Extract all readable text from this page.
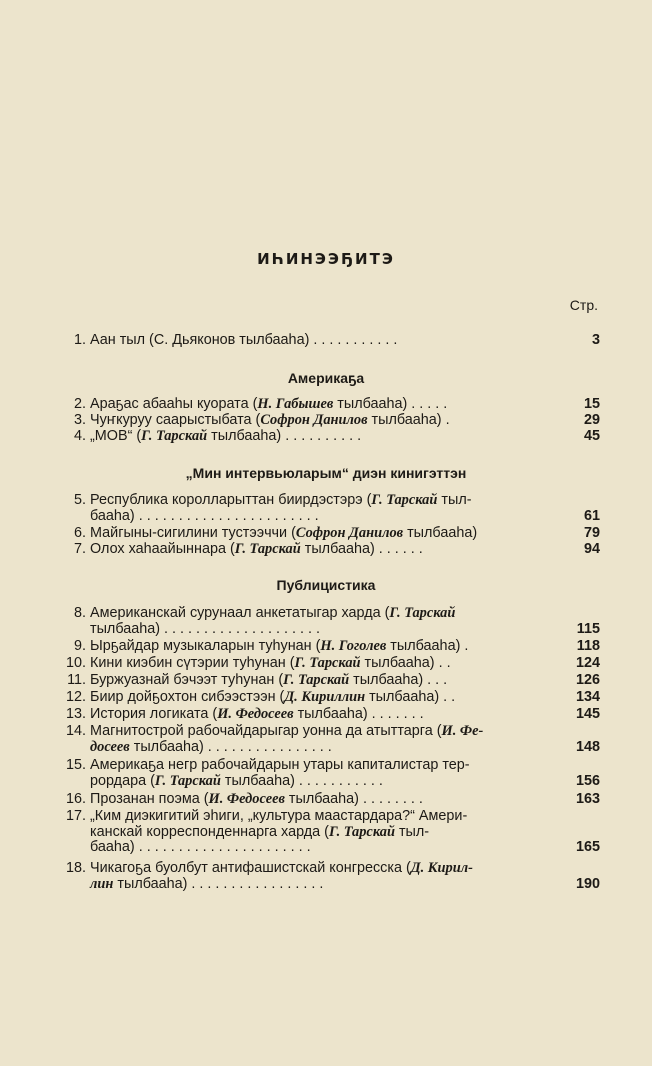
ИҺИНЭЭҔИТЭ
Стр.
1. Аан тыл (С. Дьяконов тылбааһа) . . . . . . . . . . .	3
Америкаҕа
2. Араҕас абааһы куората (Н. Габышев тылбааһа) . . . . .	15
3. Чуҥкуруу саарыстыбата (Софрон Данилов тылбааһа) .	29
4. „МОВ“ (Г. Тарскай тылбааһа) . . . . . . . . . .	45
„Мин интервьюларым“ диэн кинигэттэн
5. Республика королларыттан биирдэстэрэ (Г. Тарскай тыл-
бааһа) . . . . . . . . . . . . . . . . . . . . . . .	61
6. Майгыны-сигилини тустээччи (Софрон Данилов тылбааһа)	79
7. Олох хаһаайыннара (Г. Тарскай тылбааһа) . . . . . .	94
Публицистика
8. Американскай сурунаал анкетатыгар харда (Г. Тарскай
тылбааһа) . . . . . . . . . . . . . . . . . . . .	115
9. Ырҕайдар музыкаларын туһунан (Н. Гоголев тылбааһа) .	118
10. Кини киэбин сүтэрии туһунан (Г. Тарскай тылбааһа) . .	124
11. Буржуазнай бэчээт туһунан (Г. Тарскай тылбааһа) . . .	126
12. Биир дойҕохтон сибээстээн (Д. Кириллин тылбааһа) . .	134
13. История логиката (И. Федосеев тылбааһа) . . . . . . .	145
14. Магнитострой рабочайдарыгар уонна да атыттарга (И. Фе-
досеев тылбааһа) . . . . . . . . . . . . . . . .	148
15. Америкаҕа негр рабочайдарын утары капиталистар тер-
рордара (Г. Тарскай тылбааһа) . . . . . . . . . . .	156
16. Прозанан поэма (И. Федосеев тылбааһа) . . . . . . . .	163
17. „Ким диэкигитий эһиги, „культура маастардара?“ Амери-
канскай корреспонденнарга харда (Г. Тарскай тыл-
бааһа) . . . . . . . . . . . . . . . . . . . . . .	165
18. Чикагоҕа буолбут антифашистскай конгресска (Д. Кирил-
лин тылбааһа) . . . . . . . . . . . . . . . . .	190
